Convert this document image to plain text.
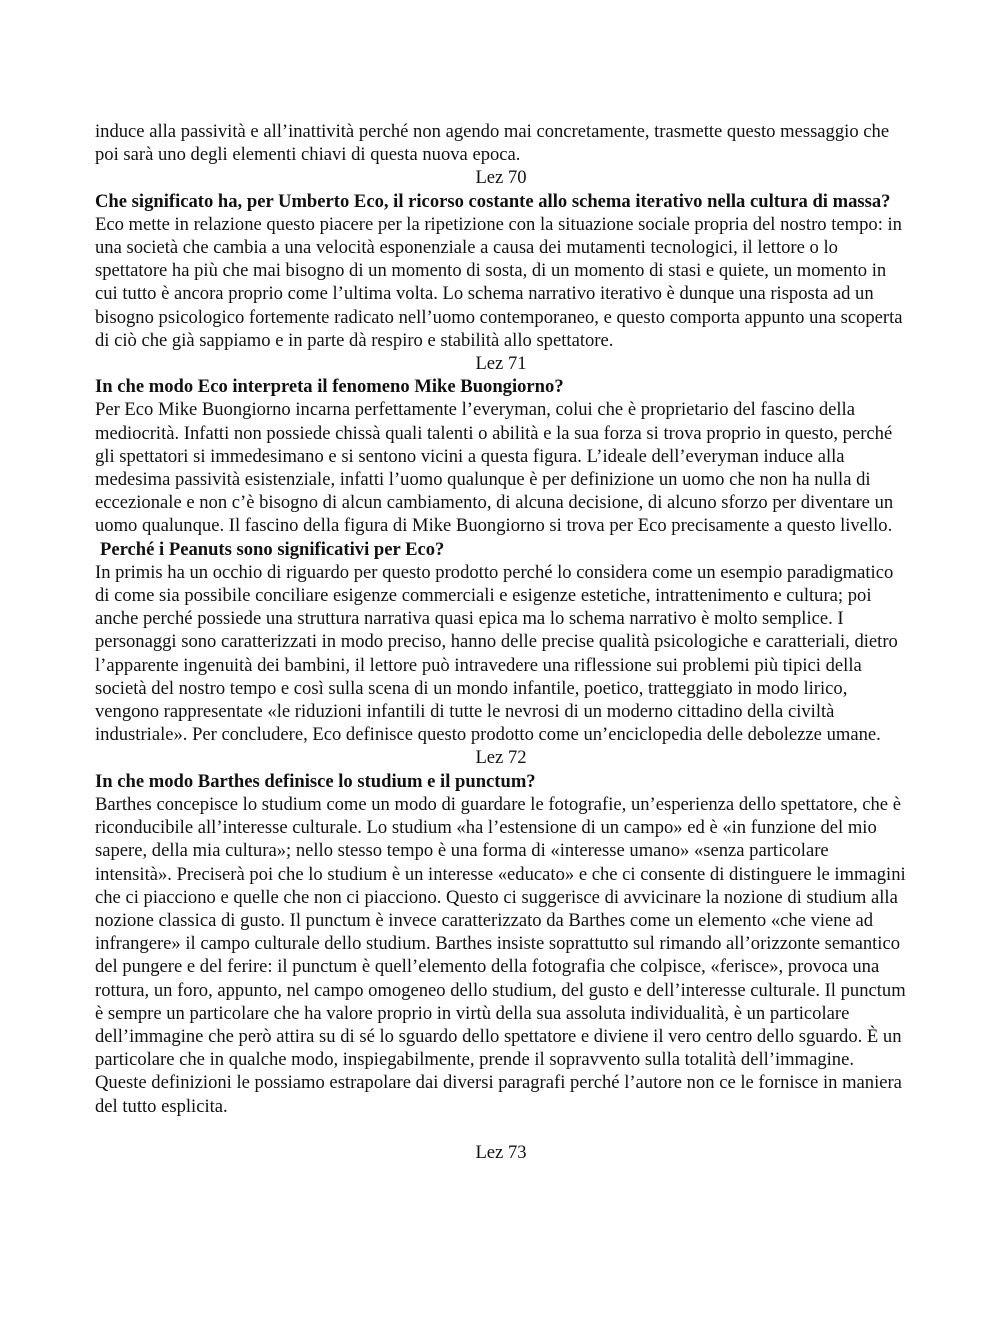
induce alla passività e all’inattività perché non agendo mai concretamente, trasmette questo messaggio che poi sarà uno degli elementi chiavi di questa nuova epoca.

Lez 70

Che significato ha, per Umberto Eco, il ricorso costante allo schema iterativo nella cultura di massa?

Eco mette in relazione questo piacere per la ripetizione con la situazione sociale propria del nostro tempo: in una società che cambia a una velocità esponenziale a causa dei mutamenti tecnologici, il lettore o lo spettatore ha più che mai bisogno di un momento di sosta, di un momento di stasi e quiete, un momento in cui tutto è ancora proprio come l’ultima volta. Lo schema narrativo iterativo è dunque una risposta ad un bisogno psicologico fortemente radicato nell’uomo contemporaneo, e questo comporta appunto una scoperta di ciò che già sappiamo e in parte dà respiro e stabilità allo spettatore.

Lez 71

In che modo Eco interpreta il fenomeno Mike Buongiorno?

Per Eco Mike Buongiorno incarna perfettamente l’everyman, colui che è proprietario del fascino della mediocrità. Infatti non possiede chissà quali talenti o abilità e la sua forza si trova proprio in questo, perché gli spettatori si immedesimano e si sentono vicini a questa figura. L’ideale dell’everyman induce alla medesima passività esistenziale, infatti l’uomo qualunque è per definizione un uomo che non ha nulla di eccezionale e non c’è bisogno di alcun cambiamento, di alcuna decisione, di alcuno sforzo per diventare un uomo qualunque. Il fascino della figura di Mike Buongiorno si trova per Eco precisamente a questo livello.

Perché i Peanuts sono significativi per Eco?

In primis ha un occhio di riguardo per questo prodotto perché lo considera come un esempio paradigmatico di come sia possibile conciliare esigenze commerciali e esigenze estetiche, intrattenimento e cultura; poi anche perché possiede una struttura narrativa quasi epica ma lo schema narrativo è molto semplice. I personaggi sono caratterizzati in modo preciso, hanno delle precise qualità psicologiche e caratteriali, dietro l’apparente ingenuità dei bambini, il lettore può intravedere una riflessione sui problemi più tipici della società del nostro tempo e così sulla scena di un mondo infantile, poetico, tratteggiato in modo lirico, vengono rappresentate «le riduzioni infantili di tutte le nevrosi di un moderno cittadino della civiltà industriale». Per concludere, Eco definisce questo prodotto come un’enciclopedia delle debolezze umane.

Lez 72

In che modo Barthes definisce lo studium e il punctum?

Barthes concepisce lo studium come un modo di guardare le fotografie, un’esperienza dello spettatore, che è riconducibile all’interesse culturale. Lo studium «ha l’estensione di un campo» ed è «in funzione del mio sapere, della mia cultura»; nello stesso tempo è una forma di «interesse umano» «senza particolare intensità». Preciserà poi che lo studium è un interesse «educato» e che ci consente di distinguere le immagini che ci piacciono e quelle che non ci piacciono. Questo ci suggerisce di avvicinare la nozione di studium alla nozione classica di gusto. Il punctum è invece caratterizzato da Barthes come un elemento «che viene ad infrangere» il campo culturale dello studium. Barthes insiste soprattutto sul rimando all’orizzonte semantico del pungere e del ferire: il punctum è quell’elemento della fotografia che colpisce, «ferisce», provoca una rottura, un foro, appunto, nel campo omogeneo dello studium, del gusto e dell’interesse culturale. Il punctum è sempre un particolare che ha valore proprio in virtù della sua assoluta individualità, è un particolare dell’immagine che però attira su di sé lo sguardo dello spettatore e diviene il vero centro dello sguardo. È un particolare che in qualche modo, inspiegabilmente, prende il sopravvento sulla totalità dell’immagine. Queste definizioni le possiamo estrapolare dai diversi paragrafi perché l’autore non ce le fornisce in maniera del tutto esplicita.

Lez 73
